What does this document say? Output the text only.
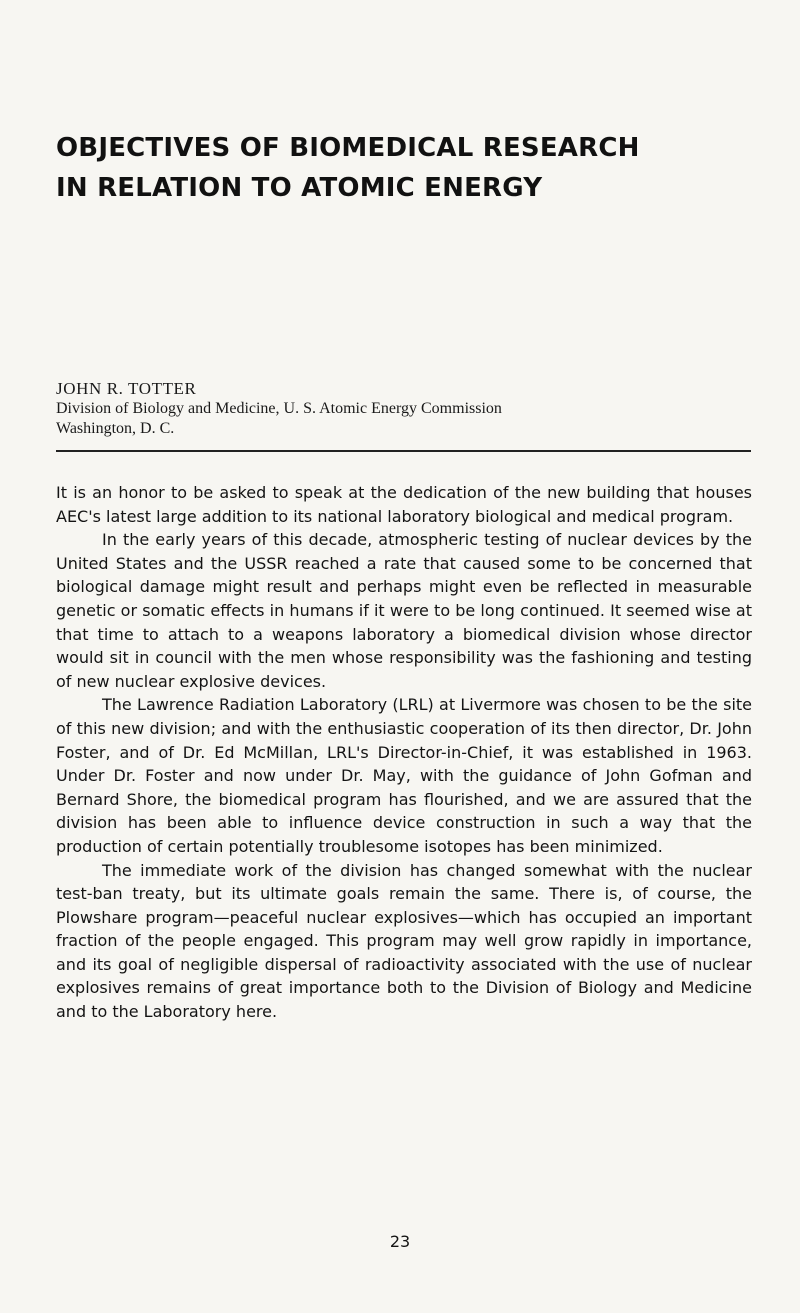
OBJECTIVES OF BIOMEDICAL RESEARCH
IN RELATION TO ATOMIC ENERGY
JOHN R. TOTTER
Division of Biology and Medicine, U. S. Atomic Energy Commission
Washington, D. C.

It is an honor to be asked to speak at the dedication of the new building that houses AEC's latest large addition to its national laboratory biological and medical program.

In the early years of this decade, atmospheric testing of nuclear devices by the United States and the USSR reached a rate that caused some to be concerned that biological damage might result and perhaps might even be reflected in measurable genetic or somatic effects in humans if it were to be long continued. It seemed wise at that time to attach to a weapons laboratory a biomedical division whose director would sit in council with the men whose responsibility was the fashioning and testing of new nuclear explosive devices.

The Lawrence Radiation Laboratory (LRL) at Livermore was chosen to be the site of this new division; and with the enthusiastic cooperation of its then director, Dr. John Foster, and of Dr. Ed McMillan, LRL's Director-in-Chief, it was established in 1963. Under Dr. Foster and now under Dr. May, with the guidance of John Gofman and Bernard Shore, the biomedical program has flourished, and we are assured that the division has been able to influence device construction in such a way that the production of certain potentially troublesome isotopes has been minimized.

The immediate work of the division has changed somewhat with the nuclear test-ban treaty, but its ultimate goals remain the same. There is, of course, the Plowshare program—peaceful nuclear explosives—which has occupied an important fraction of the people engaged. This program may well grow rapidly in importance, and its goal of negligible dispersal of radioactivity associated with the use of nuclear explosives remains of great importance both to the Division of Biology and Medicine and to the Laboratory here.

23
